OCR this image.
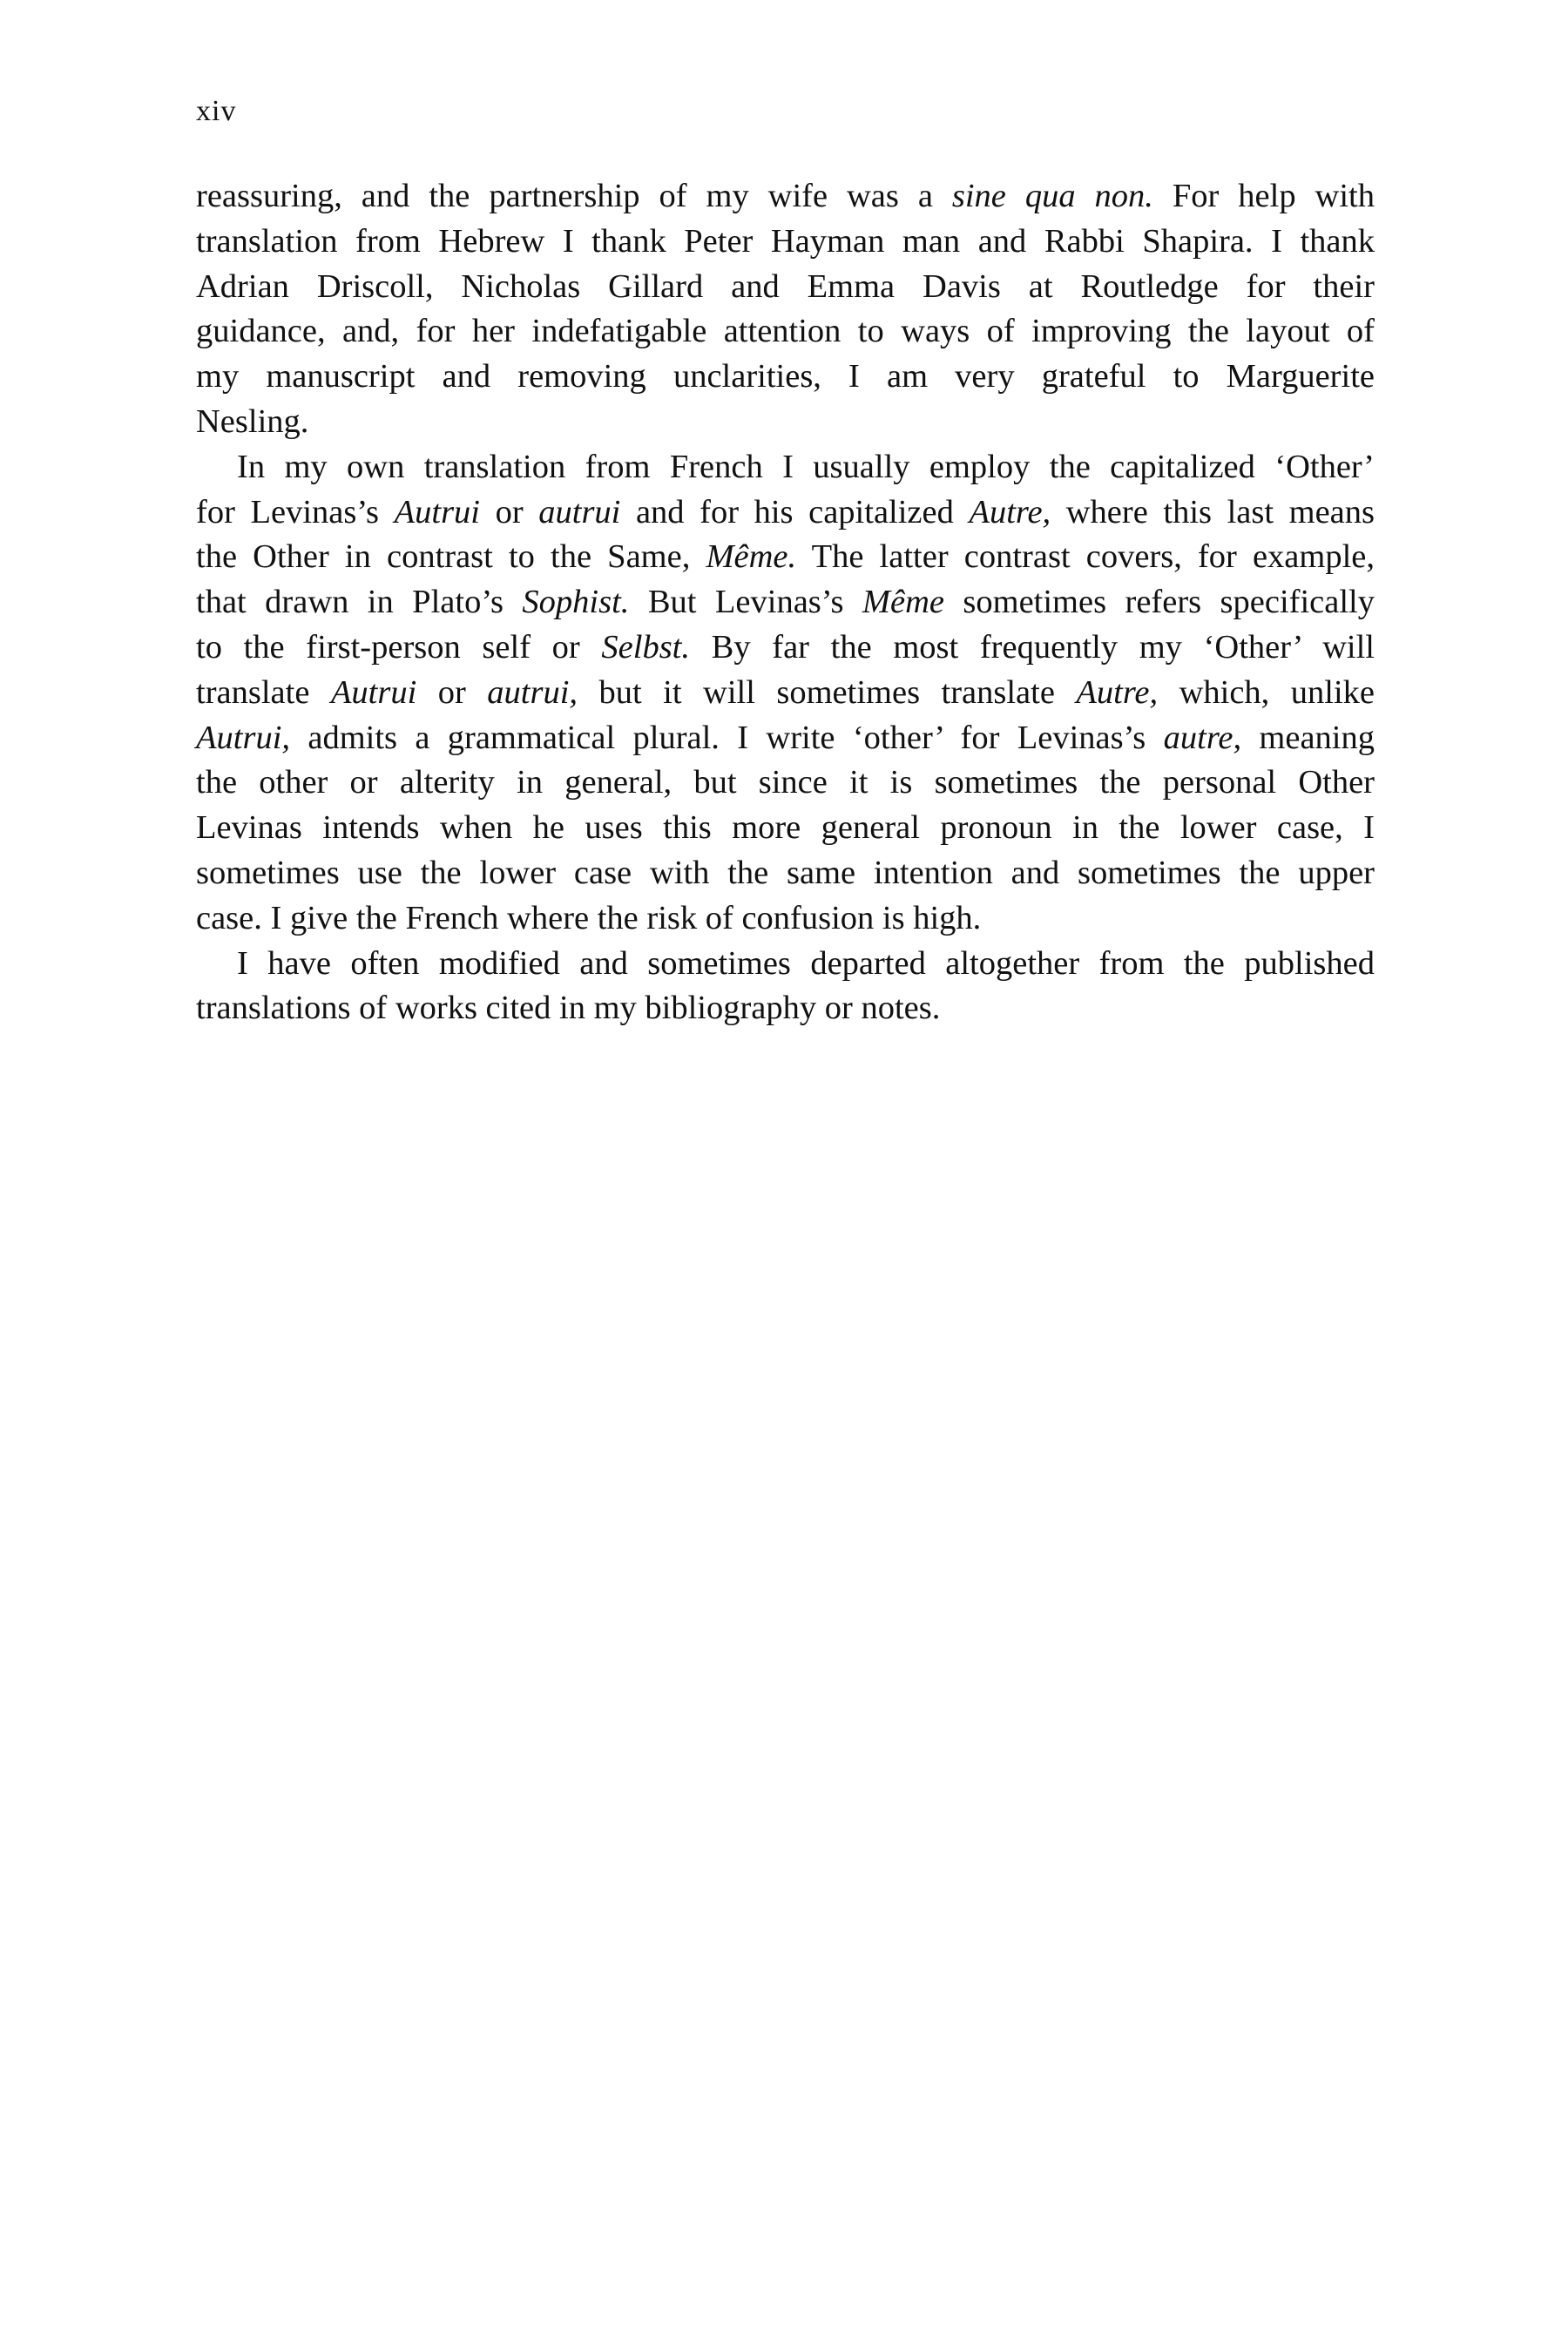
xiv
reassuring, and the partnership of my wife was a sine qua non. For help with
translation from Hebrew I thank Peter Hayman man and Rabbi Shapira. I thank
Adrian Driscoll, Nicholas Gillard and Emma Davis at Routledge for their
guidance, and, for her indefatigable attention to ways of improving the layout of
my manuscript and removing unclarities, I am very grateful to Marguerite
Nesling.
In my own translation from French I usually employ the capitalized ‘Other’
for Levinas’s Autrui or autrui and for his capitalized Autre, where this last means
the Other in contrast to the Same, Même. The latter contrast covers, for example,
that drawn in Plato’s Sophist. But Levinas’s Même sometimes refers specifically
to the first-person self or Selbst. By far the most frequently my ‘Other’ will
translate Autrui or autrui, but it will sometimes translate Autre, which, unlike
Autrui, admits a grammatical plural. I write ‘other’ for Levinas’s autre, meaning
the other or alterity in general, but since it is sometimes the personal Other
Levinas intends when he uses this more general pronoun in the lower case, I
sometimes use the lower case with the same intention and sometimes the upper
case. I give the French where the risk of confusion is high.
I have often modified and sometimes departed altogether from the published
translations of works cited in my bibliography or notes.
